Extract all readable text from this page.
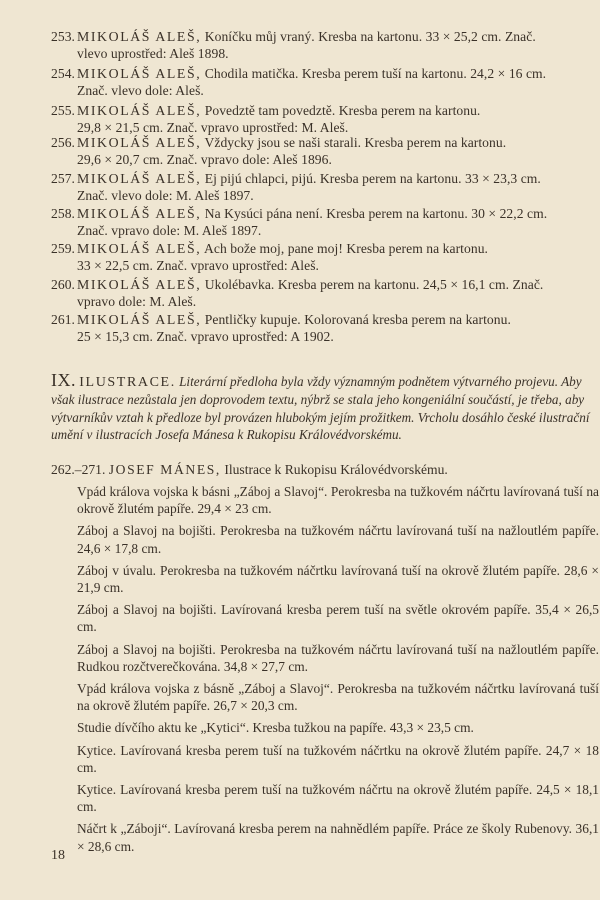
253. MIKOLÁŠ ALEŠ, Koníčku můj vraný. Kresba na kartonu. 33 × 25,2 cm. Znač.
vlevo uprostřed: Aleš 1898.
254. MIKOLÁŠ ALEŠ, Chodila matička. Kresba perem tuší na kartonu. 24,2 × 16 cm.
Znač. vlevo dole: Aleš.
255. MIKOLÁŠ ALEŠ, Povedztě tam povedztě. Kresba perem na kartonu.
29,8 × 21,5 cm. Znač. vpravo uprostřed: M. Aleš.
256. MIKOLÁŠ ALEŠ, Vždycky jsou se naši starali. Kresba perem na kartonu.
29,6 × 20,7 cm. Znač. vpravo dole: Aleš 1896.
257. MIKOLÁŠ ALEŠ, Ej pijú chlapci, pijú. Kresba perem na kartonu. 33 × 23,3 cm.
Znač. vlevo dole: M. Aleš 1897.
258. MIKOLÁŠ ALEŠ, Na Kysúci pána není. Kresba perem na kartonu. 30 × 22,2 cm.
Znač. vpravo dole: M. Aleš 1897.
259. MIKOLÁŠ ALEŠ, Ach bože moj, pane moj! Kresba perem na kartonu.
33 × 22,5 cm. Znač. vpravo uprostřed: Aleš.
260. MIKOLÁŠ ALEŠ, Ukolébavka. Kresba perem na kartonu. 24,5 × 16,1 cm. Znač.
vpravo dole: M. Aleš.
261. MIKOLÁŠ ALEŠ, Pentličky kupuje. Kolorovaná kresba perem na kartonu.
25 × 15,3 cm. Znač. vpravo uprostřed: A 1902.
IX. ILUSTRACE. Literární předloha byla vždy významným podnětem výtvarného projevu. Aby však ilustrace nezůstala jen doprovodem textu, nýbrž se stala jeho kongeniální součástí, je třeba, aby výtvarníkův vztah k předloze byl provázen hlubokým jejím prožitkem. Vrcholu dosáhlo české ilustrační umění v ilustracích Josefa Mánesa k Rukopisu Královédvorskému.
262.–271. JOSEF MÁNES, Ilustrace k Rukopisu Královédvorskému.
Vpád králova vojska k básni „Záboj a Slavoj“. Perokresba na tužkovém náčrtu lavírovaná tuší na okrově žlutém papíře. 29,4 × 23 cm.
Záboj a Slavoj na bojišti. Perokresba na tužkovém náčrtu lavírovaná tuší na nažloutlém papíře. 24,6 × 17,8 cm.
Záboj v úvalu. Perokresba na tužkovém náčrtku lavírovaná tuší na okrově žlutém papíře. 28,6 × 21,9 cm.
Záboj a Slavoj na bojišti. Lavírovaná kresba perem tuší na světle okrovém papíře. 35,4 × 26,5 cm.
Záboj a Slavoj na bojišti. Perokresba na tužkovém náčrtu lavírovaná tuší na nažloutlém papíře. Rudkou rozčtverečkována. 34,8 × 27,7 cm.
Vpád králova vojska z básně „Záboj a Slavoj“. Perokresba na tužkovém náčrtku lavírovaná tuší na okrově žlutém papíře. 26,7 × 20,3 cm.
Studie dívčího aktu ke „Kytici“. Kresba tužkou na papíře. 43,3 × 23,5 cm.
Kytice. Lavírovaná kresba perem tuší na tužkovém náčrtku na okrově žlutém papíře. 24,7 × 18 cm.
Kytice. Lavírovaná kresba perem tuší na tužkovém náčrtu na okrově žlutém papíře. 24,5 × 18,1 cm.
Náčrt k „Záboji“. Lavírovaná kresba perem na nahnědlém papíře. Práce ze školy Rubenovy. 36,1 × 28,6 cm.
18
